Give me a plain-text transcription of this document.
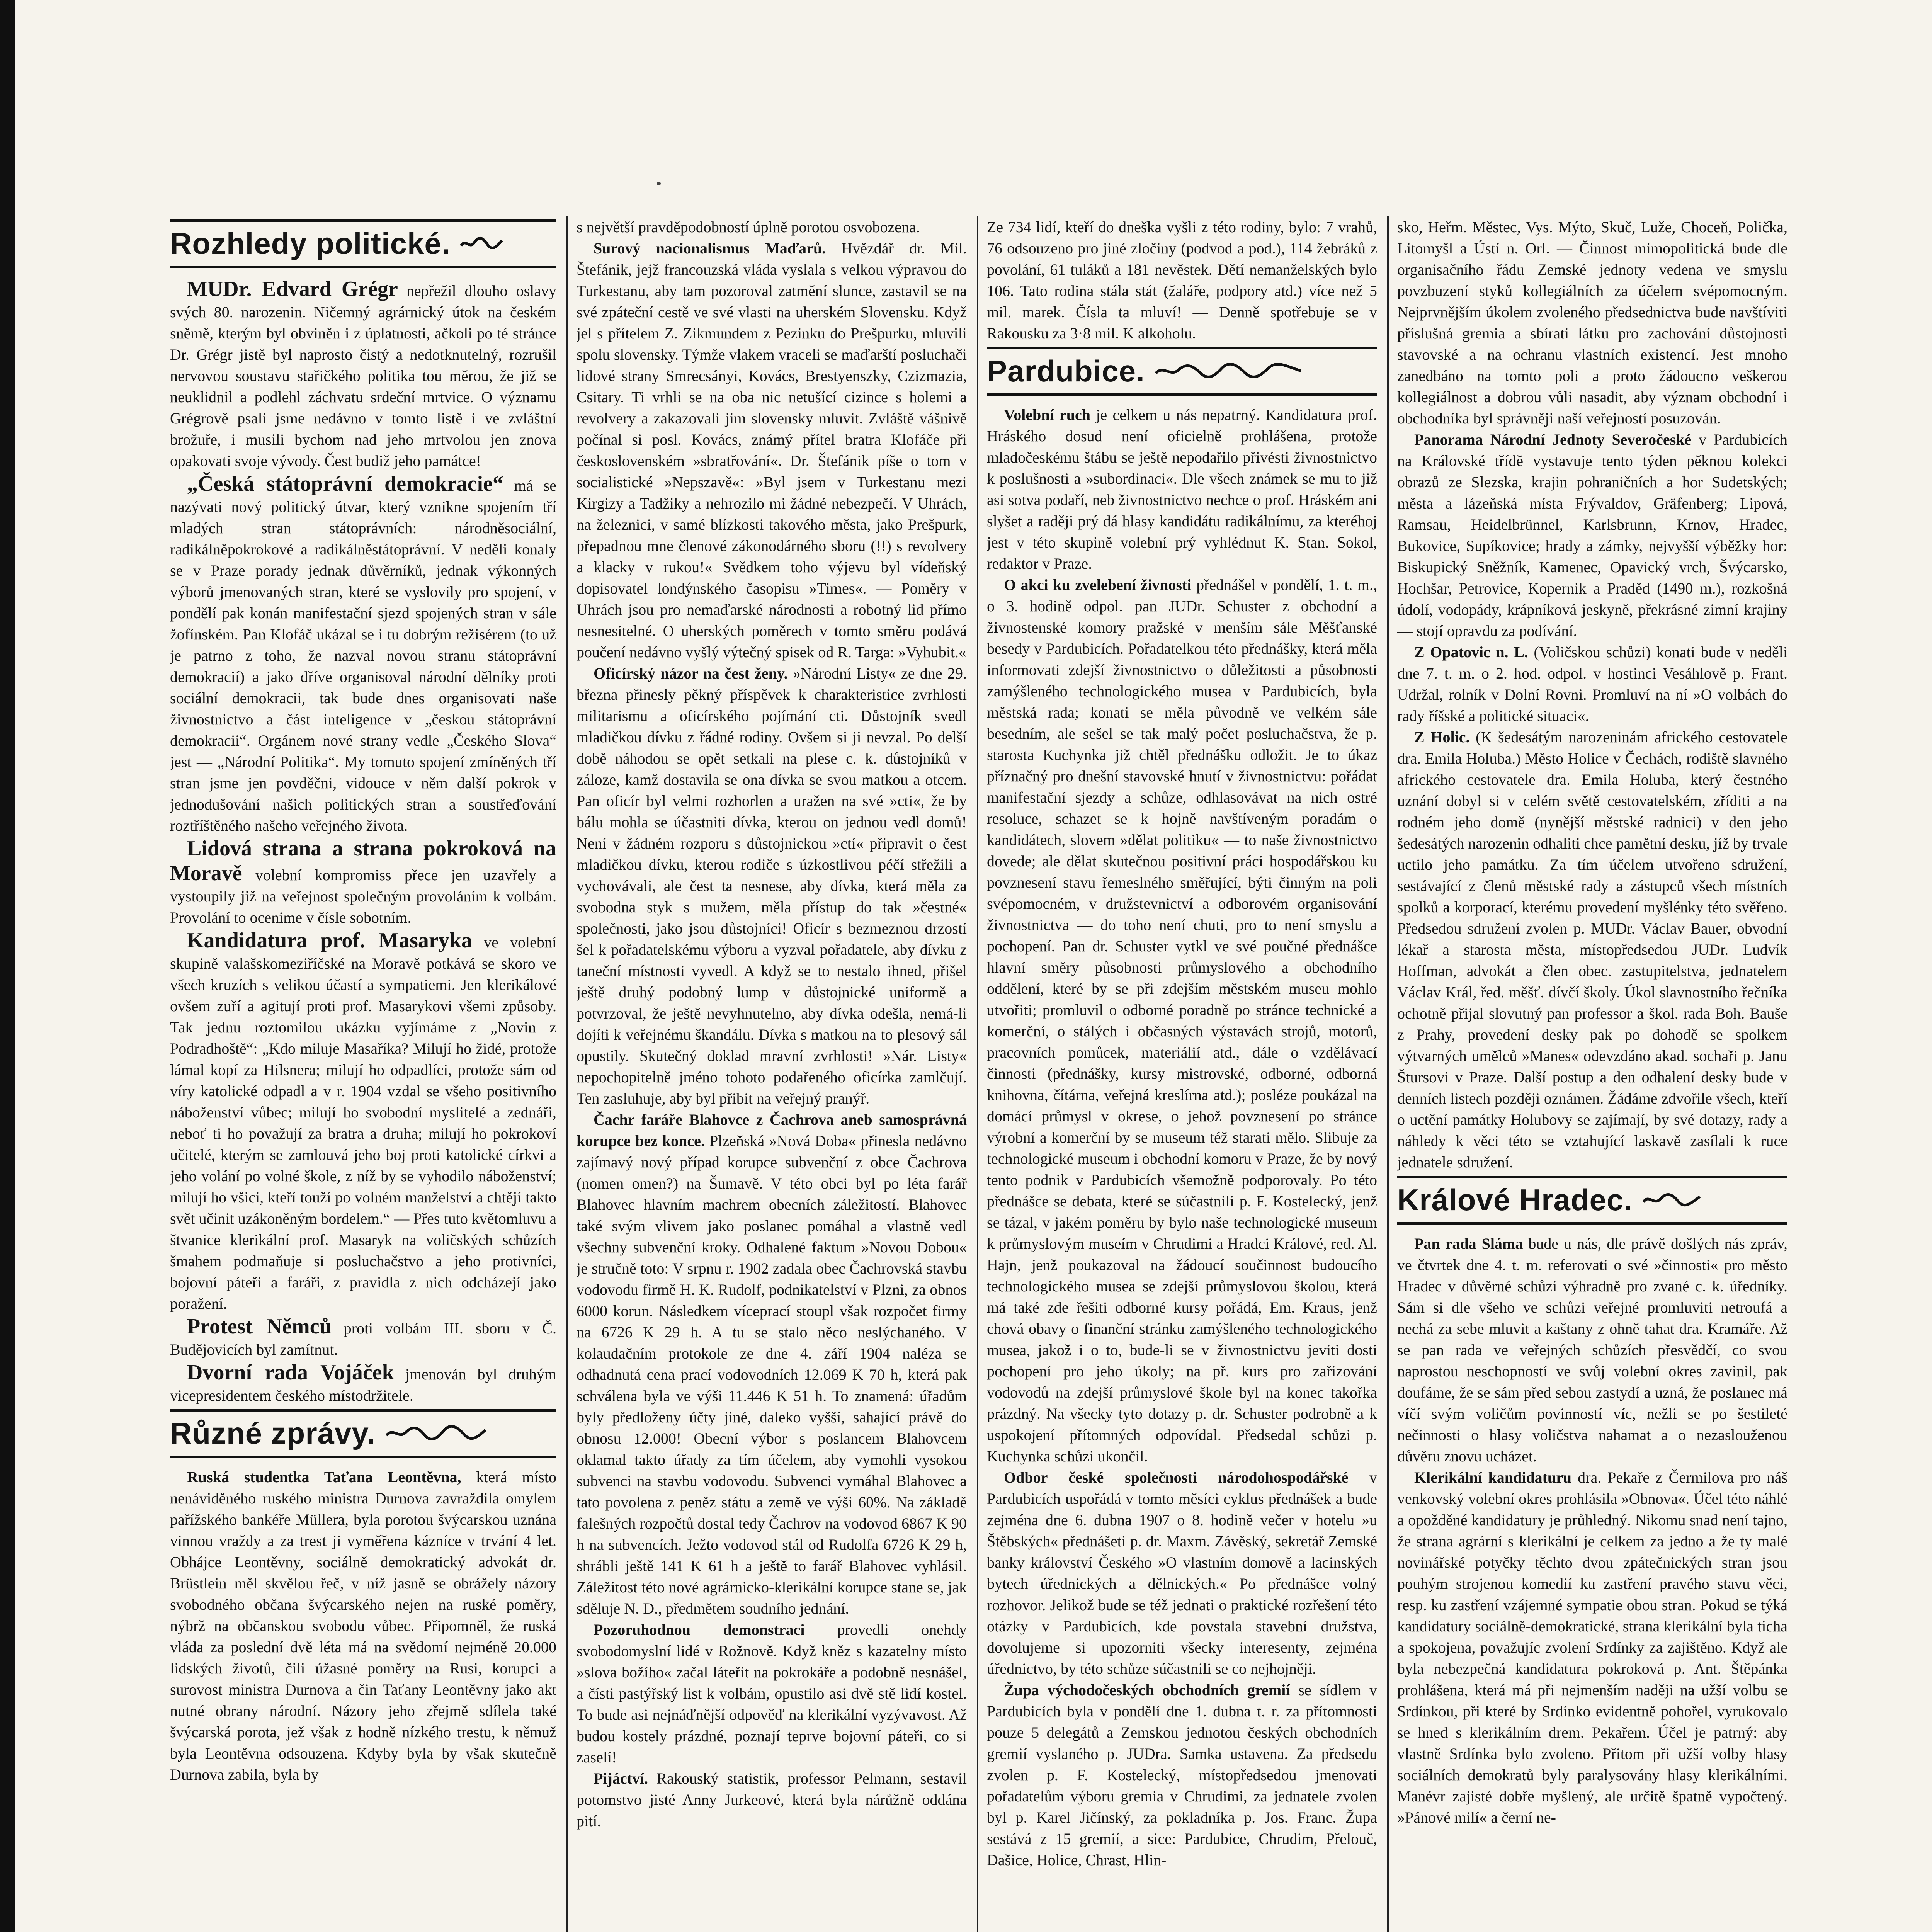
Rozhledy politické.

MUDr. Edvard Grégr nepřežil dlouho oslavy svých 80. narozenin. Ničemný agrárnický útok na českém sněmě, kterým byl obviněn i z úplatnosti, ačkoli po té stránce Dr. Grégr jistě byl naprosto čistý a nedotknutelný, rozrušil nervovou soustavu stařičkého politika tou měrou, že již se neuklidnil a podlehl záchvatu srdeční mrtvice. O významu Grégrově psali jsme nedávno v tomto listě i ve zvláštní brožuře, i musili bychom nad jeho mrtvolou jen znova opakovati svoje vývody. Čest budiž jeho památce!

„Česká státoprávní demokracie“ má se nazývati nový politický útvar, který vznikne spojením tří mladých stran státoprávních: národněsociální, radikálněpokrokové a radikálněstátoprávní. V neděli konaly se v Praze porady jednak důvěrníků, jednak výkonných výborů jmenovaných stran, které se vyslovily pro spojení, v pondělí pak konán manifestační sjezd spojených stran v sále žofínském. Pan Klofáč ukázal se i tu dobrým režisérem (to už je patrno z toho, že nazval novou stranu státoprávní demokracií) a jako dříve organisoval národní dělníky proti sociální demokracii, tak bude dnes organisovati naše živnostnictvo a část inteligence v „českou státoprávní demokracii“. Orgánem nové strany vedle „Českého Slova“ jest — „Národní Politika“. My tomuto spojení zmíněných tří stran jsme jen povděčni, vidouce v něm další pokrok v jednodušování našich politických stran a soustřeďování roztříštěného našeho veřejného života.

Lidová strana a strana pokroková na Moravě volební kompromiss přece jen uzavřely a vystoupily již na veřejnost společným provoláním k volbám. Provolání to ocenime v čísle sobotním.

Kandidatura prof. Masaryka ve volební skupině valašskomeziříčské na Moravě potkává se skoro ve všech kruzích s velikou účastí a sympatiemi. Jen klerikálové ovšem zuří a agitují proti prof. Masarykovi všemi způsoby. Tak jednu roztomilou ukázku vyjímáme z „Novin z Podradhoště“: „Kdo miluje Masaříka? Milují ho židé, protože lámal kopí za Hilsnera; milují ho odpadlíci, protože sám od víry katolické odpadl a v r. 1904 vzdal se všeho positivního náboženství vůbec; milují ho svobodní myslitelé a zednáři, neboť ti ho považují za bratra a druha; milují ho pokrokoví učitelé, kterým se zamlouvá jeho boj proti katolické církvi a jeho volání po volné škole, z níž by se vyhodilo náboženství; milují ho všici, kteří touží po volném manželství a chtějí takto svět učinit uzákoněným bordelem.“ — Přes tuto květomluvu a štvanice klerikální prof. Masaryk na voličských schůzích šmahem podmaňuje si posluchačstvo a jeho protivníci, bojovní páteři a faráři, z pravidla z nich odcházejí jako poražení.

Protest Němců proti volbám III. sboru v Č. Budějovicích byl zamítnut.

Dvorní rada Vojáček jmenován byl druhým vicepresidentem českého místodržitele.

Různé zprávy.

Ruská studentka Taťana Leontěvna, která místo nenáviděného ruského ministra Durnova zavraždila omylem pařížského bankéře Müllera, byla porotou švýcarskou uznána vinnou vraždy a za trest ji vyměřena kázníce v trvání 4 let. Obhájce Leontěvny, sociálně demokratický advokát dr. Brüstlein měl skvělou řeč, v níž jasně se obrážely názory svobodného občana švýcarského nejen na ruské poměry, nýbrž na občanskou svobodu vůbec. Připomněl, že ruská vláda za poslední dvě léta má na svědomí nejméně 20.000 lidských životů, čili úžasné poměry na Rusi, korupci a surovost ministra Durnova a čin Taťany Leontěvny jako akt nutné obrany národní. Názory jeho zřejmě sdílela také švýcarská porota, jež však z hodně nízkého trestu, k němuž byla Leontěvna odsouzena. Kdyby byla by však skutečně Durnova zabila, byla by

s největší pravděpodobností úplně porotou osvobozena.

Surový nacionalismus Maďarů. Hvězdář dr. Mil. Štefánik, jejž francouzská vláda vyslala s velkou výpravou do Turkestanu, aby tam pozoroval zatmění slunce, zastavil se na své zpáteční cestě ve své vlasti na uherském Slovensku. Když jel s přítelem Z. Zikmundem z Pezinku do Prešpurku, mluvili spolu slovensky. Týmže vlakem vraceli se maďarští posluchači lidové strany Smrecsányi, Kovács, Brestyenszky, Czizmazia, Csitary. Ti vrhli se na oba nic netušící cizince s holemi a revolvery a zakazovali jim slovensky mluvit. Zvláště vášnivě počínal si posl. Kovács, známý přítel bratra Klofáče při československém »sbratřování«. Dr. Štefánik píše o tom v socialistické »Nepszavě«: »Byl jsem v Turkestanu mezi Kirgizy a Tadžiky a nehrozilo mi žádné nebezpečí. V Uhrách, na železnici, v samé blízkosti takového města, jako Prešpurk, přepadnou mne členové zákonodárného sboru (!!) s revolvery a klacky v rukou!« Svědkem toho výjevu byl vídeňský dopisovatel londýnského časopisu »Times«. — Poměry v Uhrách jsou pro nemaďarské národnosti a robotný lid přímo nesnesitelné. O uherských poměrech v tomto směru podává poučení nedávno vyšlý výtečný spisek od R. Targa: »Vyhubit.«

Oficírský názor na čest ženy. »Národní Listy« ze dne 29. března přinesly pěkný příspěvek k charakteristice zvrhlosti militarismu a oficírského pojímání cti. Důstojník svedl mladičkou dívku z řádné rodiny. Ovšem si ji nevzal. Po delší době náhodou se opět setkali na plese c. k. důstojníků v záloze, kamž dostavila se ona dívka se svou matkou a otcem. Pan oficír byl velmi rozhorlen a uražen na své »cti«, že by bálu mohla se účastniti dívka, kterou on jednou vedl domů! Není v žádném rozporu s důstojnickou »ctí« připravit o čest mladičkou dívku, kterou rodiče s úzkostlivou péčí střežili a vychovávali, ale čest ta nesnese, aby dívka, která měla za svobodna styk s mužem, měla přístup do tak »čestné« společnosti, jako jsou důstojníci! Oficír s bezmeznou drzostí šel k pořadatelskému výboru a vyzval pořadatele, aby dívku z taneční místnosti vyvedl. A když se to nestalo ihned, přišel ještě druhý podobný lump v důstojnické uniformě a potvrzoval, že ještě nevyhnutelno, aby dívka odešla, nemá-li dojíti k veřejnému škandálu. Dívka s matkou na to plesový sál opustily. Skutečný doklad mravní zvrhlosti! »Nár. Listy« nepochopitelně jméno tohoto podařeného oficírka zamlčují. Ten zasluhuje, aby byl přibit na veřejný pranýř.

Čachr faráře Blahovce z Čachrova aneb samosprávná korupce bez konce. Plzeňská »Nová Doba« přinesla nedávno zajímavý nový případ korupce subvenční z obce Čachrova (nomen omen?) na Šumavě. V této obci byl po léta farář Blahovec hlavním machrem obecních záležitostí. Blahovec také svým vlivem jako poslanec pomáhal a vlastně vedl všechny subvenční kroky. Odhalené faktum »Novou Dobou« je stručně toto: V srpnu r. 1902 zadala obec Čachrovská stavbu vodovodu firmě H. K. Rudolf, podnikatelství v Plzni, za obnos 6000 korun. Následkem víceprací stoupl však rozpočet firmy na 6726 K 29 h. A tu se stalo něco neslýchaného. V kolaudačním protokole ze dne 4. září 1904 naléza se odhadnutá cena prací vodovodních 12.069 K 70 h, která pak schválena byla ve výši 11.446 K 51 h. To znamená: úřadům byly předloženy účty jiné, daleko vyšší, sahající právě do obnosu 12.000! Obecní výbor s poslancem Blahovcem oklamal takto úřady za tím účelem, aby vymohli vysokou subvenci na stavbu vodovodu. Subvenci vymáhal Blahovec a tato povolena z peněz státu a země ve výši 60%. Na základě falešných rozpočtů dostal tedy Čachrov na vodovod 6867 K 90 h na subvencích. Ježto vodovod stál od Rudolfa 6726 K 29 h, shrábli ještě 141 K 61 h a ještě to farář Blahovec vyhlásil. Záležitost této nové agrárnicko-klerikální korupce stane se, jak sděluje N. D., předmětem soudního jednání.

Pozoruhodnou demonstraci provedli onehdy svobodomyslní lidé v Rožnově. Když kněz s kazatelny místo »slova božího« začal láteřit na pokrokáře a podobně nesnášel, a čísti pastýřský list k volbám, opustilo asi dvě stě lidí kostel. To bude asi nejnáďnější odpověď na klerikální vyzývavost. Až budou kostely prázdné, poznají teprve bojovní páteři, co si zaselí!

Pijáctví. Rakouský statistik, professor Pelmann, sestavil potomstvo jisté Anny Jurkeové, která byla nárůžně oddána pití.

Ze 734 lidí, kteří do dneška vyšli z této rodiny, bylo: 7 vrahů, 76 odsouzeno pro jiné zločiny (podvod a pod.), 114 žebráků z povolání, 61 tuláků a 181 nevěstek. Dětí nemanželských bylo 106. Tato rodina stála stát (žaláře, podpory atd.) více než 5 mil. marek. Čísla ta mluví! — Denně spotřebuje se v Rakousku za 3·8 mil. K alkoholu.

Pardubice.

Volební ruch je celkem u nás nepatrný. Kandidatura prof. Hráského dosud není oficielně prohlášena, protože mladočeskému štábu se ještě nepodařilo přivésti živnostnictvo k poslušnosti a »subordinaci«. Dle všech známek se mu to již asi sotva podaří, neb živnostnictvo nechce o prof. Hráském ani slyšet a raději prý dá hlasy kandidátu radikálnímu, za kteréhoj jest v této skupině volební prý vyhlédnut K. Stan. Sokol, redaktor v Praze.

O akci ku zvelebení živnosti přednášel v pondělí, 1. t. m., o 3. hodině odpol. pan JUDr. Schuster z obchodní a živnostenské komory pražské v menším sále Měšťanské besedy v Pardubicích. Pořadatelkou této přednášky, která měla informovati zdejší živnostnictvo o důležitosti a působnosti zamýšleného technologického musea v Pardubicích, byla městská rada; konati se měla původně ve velkém sále besedním, ale sešel se tak malý počet posluchačstva, že p. starosta Kuchynka již chtěl přednášku odložit. Je to úkaz příznačný pro dnešní stavovské hnutí v živnostnictvu: pořádat manifestační sjezdy a schůze, odhlasovávat na nich ostré resoluce, schazet se k hojně navštíveným poradám o kandidátech, slovem »dělat politiku« — to naše živnostnictvo dovede; ale dělat skutečnou positivní práci hospodářskou ku povznesení stavu řemeslného směřující, býti činným na poli svépomocném, v družstevnictví a odborovém organisování živnostnictva — do toho není chuti, pro to není smyslu a pochopení. Pan dr. Schuster vytkl ve své poučné přednášce hlavní směry působnosti průmyslového a obchodního oddělení, které by se při zdejším městském museu mohlo utvořiti; promluvil o odborné poradně po stránce technické a komerční, o stálých i občasných výstavách strojů, motorů, pracovních pomůcek, materiálií atd., dále o vzdělávací činnosti (přednášky, kursy mistrovské, odborné, odborná knihovna, čítárna, veřejná kreslírna atd.); posléze poukázal na domácí průmysl v okrese, o jehož povznesení po stránce výrobní a komerční by se museum též starati mělo. Slibuje za technologické museum i obchodní komoru v Praze, že by nový tento podnik v Pardubicích všemožně podporovaly. Po této přednášce se debata, které se súčastnili p. F. Kostelecký, jenž se tázal, v jakém poměru by bylo naše technologické museum k průmyslovým museím v Chrudimi a Hradci Králové, red. Al. Hajn, jenž poukazoval na žádoucí součinnost budoucího technologického musea se zdejší průmyslovou školou, která má také zde řešiti odborné kursy pořádá, Em. Kraus, jenž chová obavy o finanční stránku zamýšleného technologického musea, jakož i o to, bude-li se v živnostnictvu jeviti dosti pochopení pro jeho úkoly; na př. kurs pro zařizování vodovodů na zdejší průmyslové škole byl na konec takořka prázdný. Na všecky tyto dotazy p. dr. Schuster podrobně a k uspokojení přítomných odpovídal. Předsedal schůzi p. Kuchynka schůzi ukončil.

Odbor české společnosti národohospodářské v Pardubicích uspořádá v tomto měsíci cyklus přednášek a bude zejména dne 6. dubna 1907 o 8. hodině večer v hotelu »u Štěbských« přednášeti p. dr. Maxm. Závěský, sekretář Zemské banky království Českého »O vlastním domově a lacinských bytech úřednických a dělnických.« Po přednášce volný rozhovor. Jelikož bude se též jednati o praktické rozřešení této otázky v Pardubicích, kde povstala stavební družstva, dovolujeme si upozorniti všecky interesenty, zejména úřednictvo, by této schůze súčastnili se co nejhojněji.

Župa východočeských obchodních gremií se sídlem v Pardubicích byla v pondělí dne 1. dubna t. r. za přítomnosti pouze 5 delegátů a Zemskou jednotou českých obchodních gremií vyslaného p. JUDra. Samka ustavena. Za předsedu zvolen p. F. Kostelecký, místopředsedou jmenovati pořadatelům výboru gremia v Chrudimi, za jednatele zvolen byl p. Karel Jičínský, za pokladníka p. Jos. Franc. Župa sestává z 15 gremií, a sice: Pardubice, Chrudim, Přelouč, Dašice, Holice, Chrast, Hlin-

sko, Heřm. Městec, Vys. Mýto, Skuč, Luže, Choceň, Polička, Litomyšl a Ústí n. Orl. — Činnost mimopolitická bude dle organisačního řádu Zemské jednoty vedena ve smyslu povzbuzení styků kollegiálních za účelem svépomocným. Nejprvnějším úkolem zvoleného předsednictva bude navštíviti příslušná gremia a sbírati látku pro zachování důstojnosti stavovské a na ochranu vlastních existencí. Jest mnoho zanedbáno na tomto poli a proto žádoucno veškerou kollegiálnost a dobrou vůli nasadit, aby význam obchodní i obchodníka byl správněji naší veřejností posuzován.

Panorama Národní Jednoty Severočeské v Pardubicích na Královské třídě vystavuje tento týden pěknou kolekci obrazů ze Slezska, krajin pohraničních a hor Sudetských; města a lázeňská místa Frývaldov, Gräfenberg; Lipová, Ramsau, Heidelbrünnel, Karlsbrunn, Krnov, Hradec, Bukovice, Supíkovice; hrady a zámky, nejvyšší výběžky hor: Biskupický Sněžník, Kamenec, Opavický vrch, Švýcarsko, Hochšar, Petrovice, Kopernik a Praděd (1490 m.), rozkošná údolí, vodopády, krápníková jeskyně, překrásné zimní krajiny — stojí opravdu za podívání.

Z Opatovic n. L. (Voličskou schůzi) konati bude v neděli dne 7. t. m. o 2. hod. odpol. v hostinci Vesáhlově p. Frant. Udržal, rolník v Dolní Rovni. Promluví na ní »O volbách do rady říšské a politické situaci«.

Z Holic. (K šedesátým narozeninám afrického cestovatele dra. Emila Holuba.) Město Holice v Čechách, rodiště slavného afrického cestovatele dra. Emila Holuba, který čestného uznání dobyl si v celém světě cestovatelském, zříditi a na rodném jeho domě (nynější městské radnici) v den jeho šedesátých narozenin odhaliti chce pamětní desku, jíž by trvale uctilo jeho památku. Za tím účelem utvořeno sdružení, sestávající z členů městské rady a zástupců všech místních spolků a korporací, kterému provedení myšlénky této svěřeno. Předsedou sdružení zvolen p. MUDr. Václav Bauer, obvodní lékař a starosta města, místopředsedou JUDr. Ludvík Hoffman, advokát a člen obec. zastupitelstva, jednatelem Václav Král, řed. měšť. dívčí školy. Úkol slavnostního řečníka ochotně přijal slovutný pan professor a škol. rada Boh. Bauše z Prahy, provedení desky pak po dohodě se spolkem výtvarných umělců »Manes« odevzdáno akad. sochaři p. Janu Štursovi v Praze. Další postup a den odhalení desky bude v denních listech později oznámen. Žádáme zdvořile všech, kteří o uctění památky Holubovy se zajímají, by své dotazy, rady a náhledy k věci této se vztahující laskavě zasílali k ruce jednatele sdružení.

Králové Hradec.

Pan rada Sláma bude u nás, dle právě došlých nás zpráv, ve čtvrtek dne 4. t. m. referovati o své »činnosti« pro město Hradec v důvěrné schůzi výhradně pro zvané c. k. úředníky. Sám si dle všeho ve schůzi veřejné promluviti netroufá a nechá za sebe mluvit a kaštany z ohně tahat dra. Kramáře. Až se pan rada ve veřejných schůzích přesvědčí, co svou naprostou neschopností ve svůj volební okres zavinil, pak doufáme, že se sám před sebou zastydí a uzná, že poslanec má víčí svým voličům povinností víc, nežli se po šestileté nečinnosti o hlasy voličstva nahamat a o nezaslouženou důvěru znovu ucházet.

Klerikální kandidaturu dra. Pekaře z Čermilova pro náš venkovský volební okres prohlásila »Obnova«. Účel této náhlé a opožděné kandidatury je průhledný. Nikomu snad není tajno, že strana agrární s klerikální je celkem za jedno a že ty malé novinářské potyčky těchto dvou zpátečnických stran jsou pouhým strojenou komedií ku zastření pravého stavu věci, resp. ku zastření vzájemné sympatie obou stran. Pokud se týká kandidatury sociálně-demokratické, strana klerikální byla ticha a spokojena, považujíc zvolení Srdínky za zajištěno. Když ale byla nebezpečná kandidatura pokroková p. Ant. Štěpánka prohlášena, která má při nejmenším naději na užší volbu se Srdínkou, při které by Srdínko evidentně pohořel, vyrukovalo se hned s klerikálním drem. Pekařem. Účel je patrný: aby vlastně Srdínka bylo zvoleno. Přitom při užší volby hlasy sociálních demokratů byly paralysovány hlasy klerikálními. Manévr zajisté dobře myšlený, ale určitě špatně vypočtený. »Pánové milí« a černí ne-
